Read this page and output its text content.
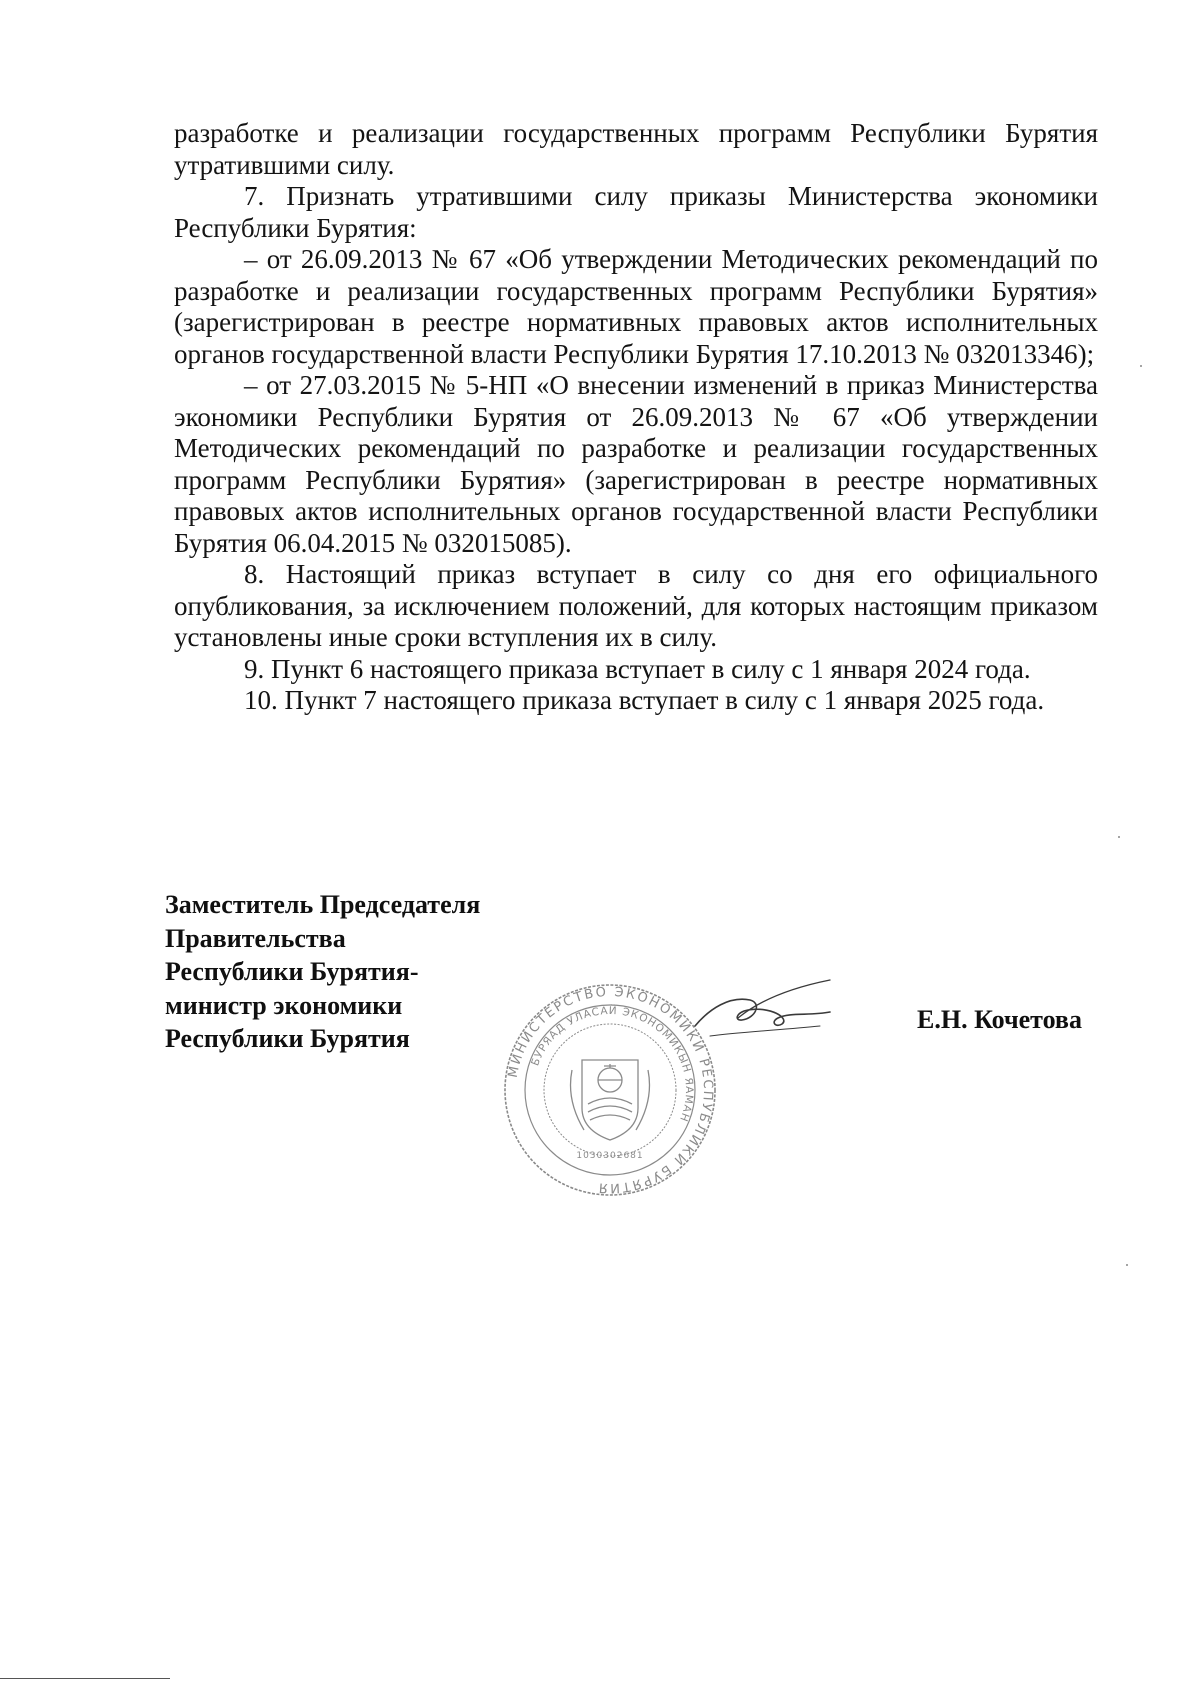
разработке и реализации государственных программ Республики Бурятия утратившими силу.

7. Признать утратившими силу приказы Министерства экономики Республики Бурятия:

– от 26.09.2013 № 67 «Об утверждении Методических рекомендаций по разработке и реализации государственных программ Республики Бурятия» (зарегистрирован в реестре нормативных правовых актов исполнительных органов государственной власти Республики Бурятия 17.10.2013 № 032013346);

– от 27.03.2015 № 5-НП «О внесении изменений в приказ Министерства экономики Республики Бурятия от 26.09.2013 № 67 «Об утверждении Методических рекомендаций по разработке и реализации государственных программ Республики Бурятия» (зарегистрирован в реестре нормативных правовых актов исполнительных органов государственной власти Республики Бурятия 06.04.2015 № 032015085).

8. Настоящий приказ вступает в силу со дня его официального опубликования, за исключением положений, для которых настоящим приказом установлены иные сроки вступления их в силу.

9. Пункт 6 настоящего приказа вступает в силу с 1 января 2024 года.

10. Пункт 7 настоящего приказа вступает в силу с 1 января 2025 года.

Заместитель Председателя
Правительства
Республики Бурятия-
министр экономики
Республики Бурятия
МИНИСТЕРСТВО ЭКОНОМИКИ РЕСПУБЛИКИ БУРЯТИЯ
БУРЯАД УЛАСАЙ ЭКОНОМИКЫН ЯАМАН
1030302681
Е.Н. Кочетова
